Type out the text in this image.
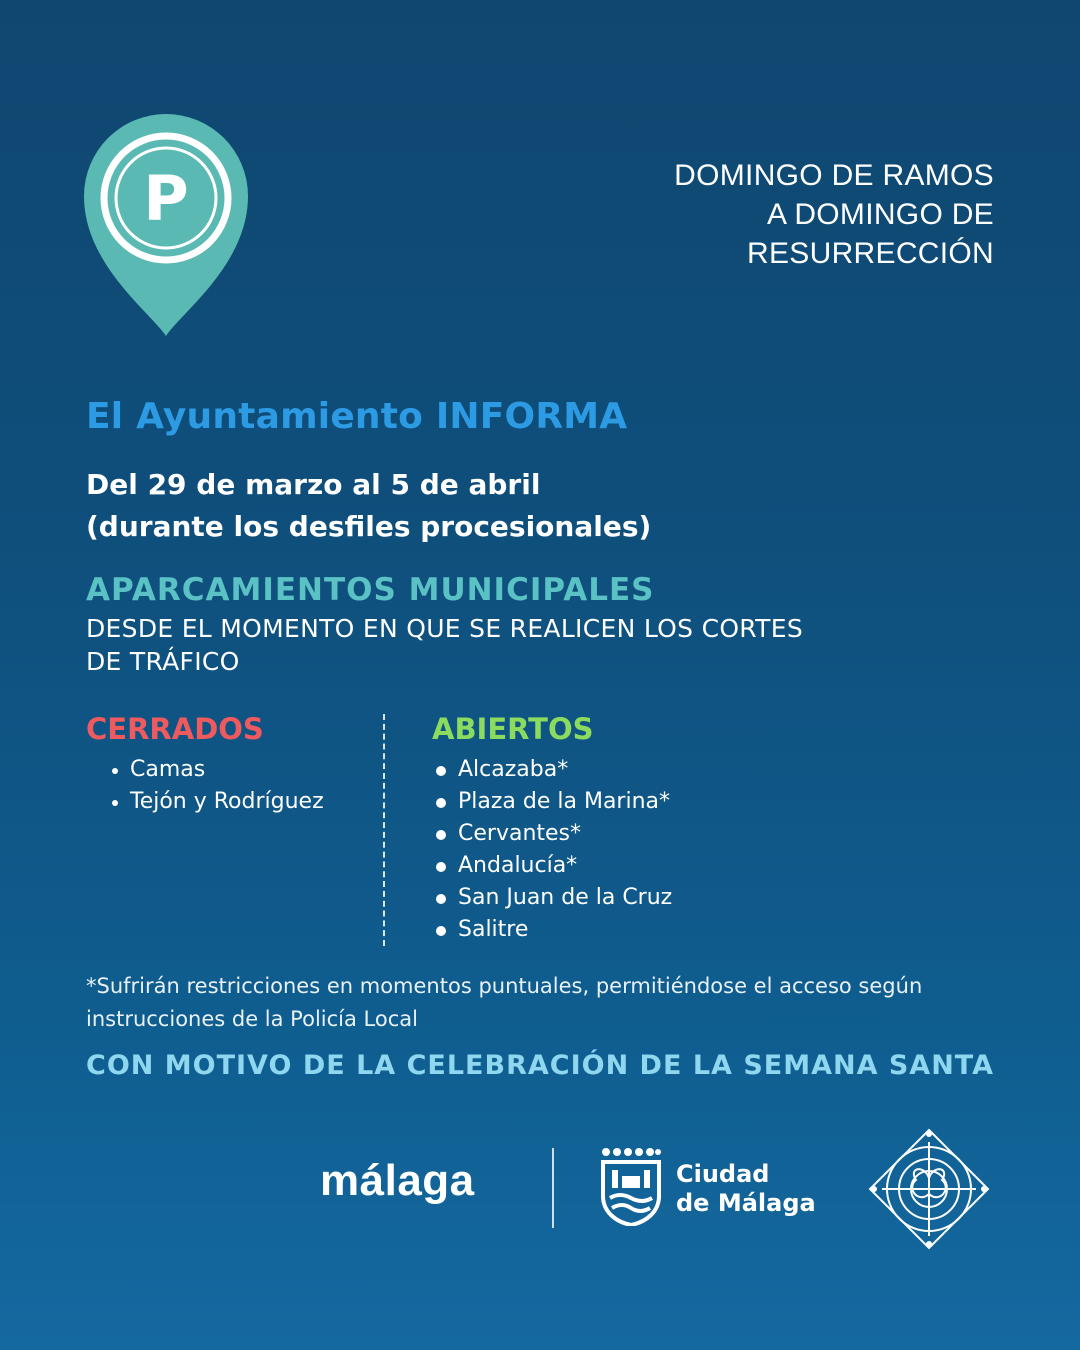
P	DOMINGO DE RAMOS
A DOMINGO DE
RESURRECCIÓN
El Ayuntamiento INFORMA
Del 29 de marzo al 5 de abril
(durante los desfiles procesionales)
APARCAMIENTOS MUNICIPALES
DESDE EL MOMENTO EN QUE SE REALICEN LOS CORTES
DE TRÁFICO
CERRADOS
Camas
Tejón y Rodríguez
ABIERTOS
Alcazaba*
Plaza de la Marina*
Cervantes*
Andalucía*
San Juan de la Cruz
Salitre
*Sufrirán restricciones en momentos puntuales, permitiéndose el acceso según
instrucciones de la Policía Local
CON MOTIVO DE LA CELEBRACIÓN DE LA SEMANA SANTA
málaga	Ciudad
de Málaga
